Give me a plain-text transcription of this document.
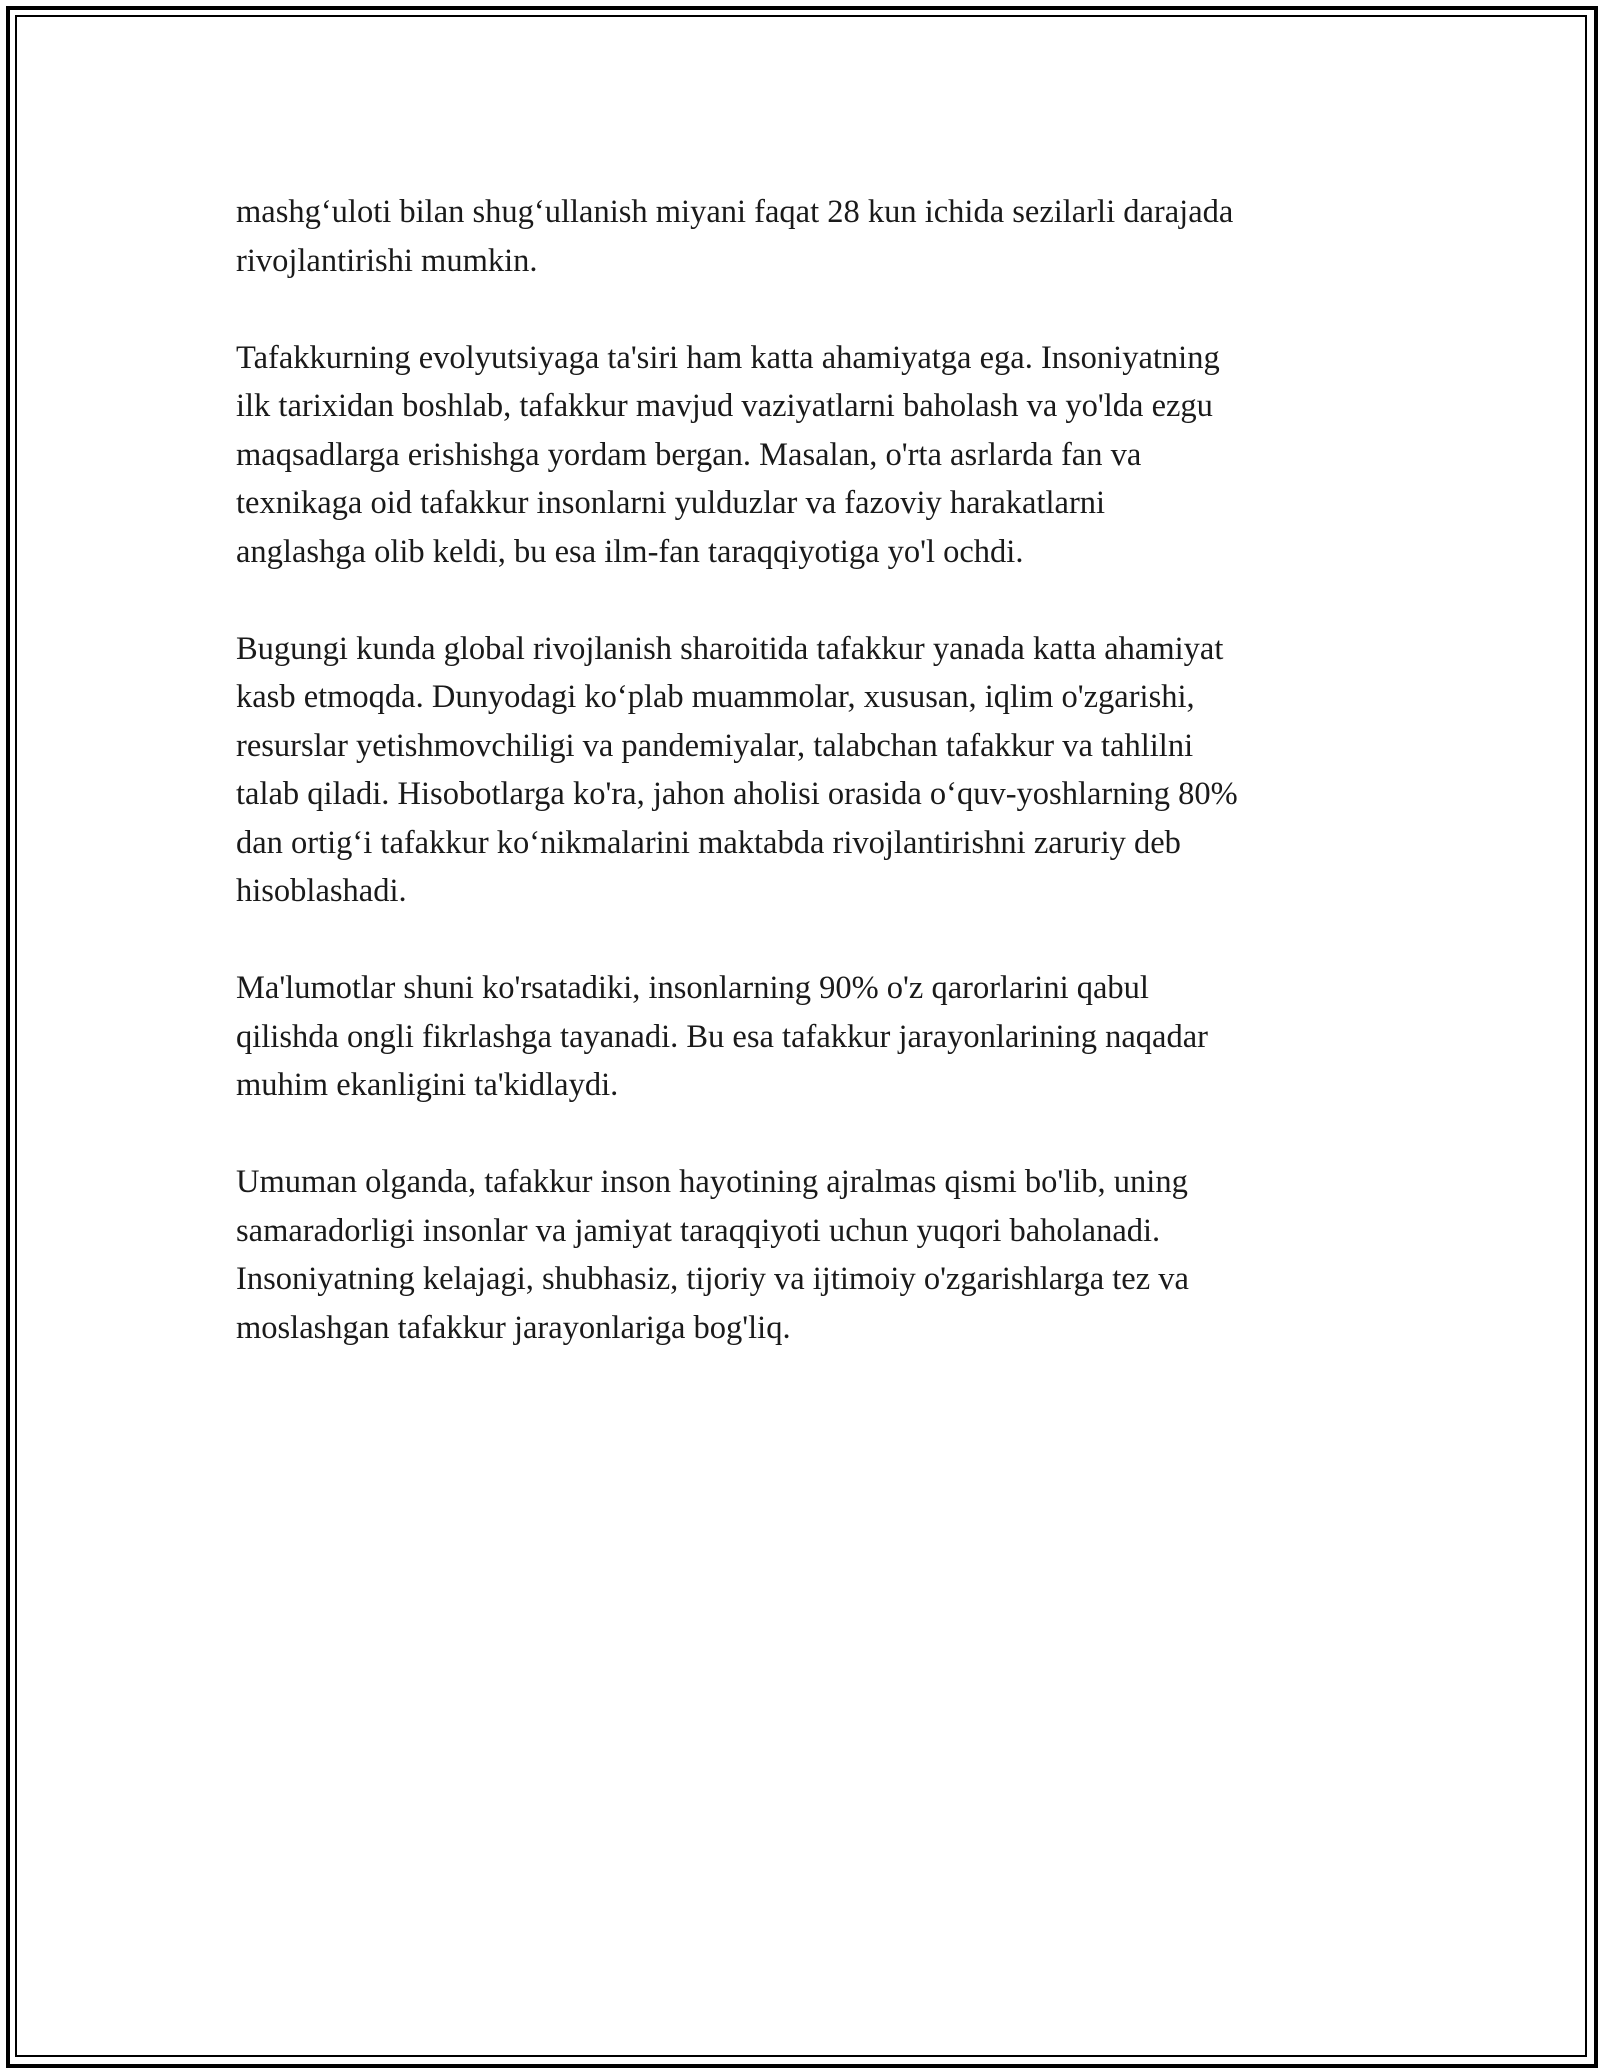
mashg‘uloti bilan shug‘ullanish miyani faqat 28 kun ichida sezilarli darajada
rivojlantirishi mumkin.

Tafakkurning evolyutsiyaga ta'siri ham katta ahamiyatga ega. Insoniyatning
ilk tarixidan boshlab, tafakkur mavjud vaziyatlarni baholash va yo'lda ezgu
maqsadlarga erishishga yordam bergan. Masalan, o'rta asrlarda fan va
texnikaga oid tafakkur insonlarni yulduzlar va fazoviy harakatlarni
anglashga olib keldi, bu esa ilm-fan taraqqiyotiga yo'l ochdi.

Bugungi kunda global rivojlanish sharoitida tafakkur yanada katta ahamiyat
kasb etmoqda. Dunyodagi ko‘plab muammolar, xususan, iqlim o'zgarishi,
resurslar yetishmovchiligi va pandemiyalar, talabchan tafakkur va tahlilni
talab qiladi. Hisobotlarga ko'ra, jahon aholisi orasida o‘quv-yoshlarning 80%
dan ortig‘i tafakkur ko‘nikmalarini maktabda rivojlantirishni zaruriy deb
hisoblashadi.

Ma'lumotlar shuni ko'rsatadiki, insonlarning 90% o'z qarorlarini qabul
qilishda ongli fikrlashga tayanadi. Bu esa tafakkur jarayonlarining naqadar
muhim ekanligini ta'kidlaydi.

Umuman olganda, tafakkur inson hayotining ajralmas qismi bo'lib, uning
samaradorligi insonlar va jamiyat taraqqiyoti uchun yuqori baholanadi.
Insoniyatning kelajagi, shubhasiz, tijoriy va ijtimoiy o'zgarishlarga tez va
moslashgan tafakkur jarayonlariga bog'liq.
